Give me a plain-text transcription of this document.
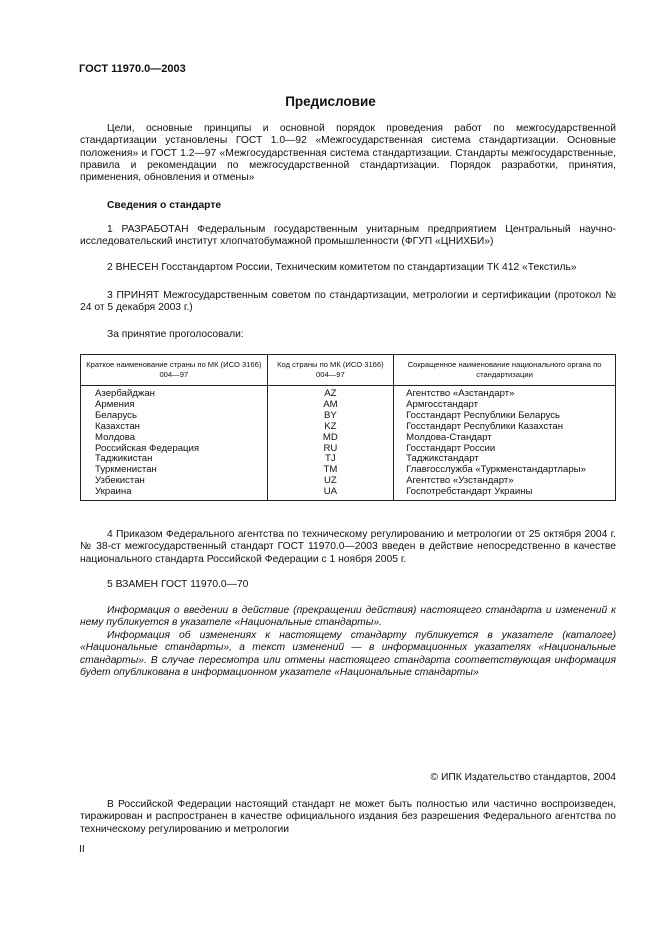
ГОСТ 11970.0—2003
Предисловие
Цели, основные принципы и основной порядок проведения работ по межгосударственной стандартизации установлены ГОСТ 1.0—92 «Межгосударственная система стандартизации. Основные положения» и ГОСТ 1.2—97 «Межгосударственная система стандартизации. Стандарты межгосударственные, правила и рекомендации по межгосударственной стандартизации. Порядок разработки, принятия, применения, обновления и отмены»
Сведения о стандарте
1 РАЗРАБОТАН Федеральным государственным унитарным предприятием Центральный научно-исследовательский институт хлопчатобумажной промышленности (ФГУП «ЦНИХБИ»)
2 ВНЕСЕН Госстандартом России, Техническим комитетом по стандартизации ТК 412 «Текстиль»
3 ПРИНЯТ Межгосударственным советом по стандартизации, метрологии и сертификации (протокол № 24 от 5 декабря 2003 г.)
За принятие проголосовали:
Краткое наименование страны по МК (ИСО 3166) 004—97	Код страны по МК (ИСО 3166) 004—97	Сокращенное наименование национального органа по стандартизации
Азербайджан	AZ	Агентство «Азстандарт»
Армения	AM	Армгосстандарт
Беларусь	BY	Госстандарт Республики Беларусь
Казахстан	KZ	Госстандарт Республики Казахстан
Молдова	MD	Молдова-Стандарт
Российская Федерация	RU	Госстандарт России
Таджикистан	TJ	Таджикстандарт
Туркменистан	TM	Главгосслужба «Туркменстандартлары»
Узбекистан	UZ	Агентство «Узстандарт»
Украина	UA	Госпотребстандарт Украины
4 Приказом Федерального агентства по техническому регулированию и метрологии от 25 октября 2004 г. № 38-ст межгосударственный стандарт ГОСТ 11970.0—2003 введен в действие непосредственно в качестве национального стандарта Российской Федерации с 1 ноября 2005 г.
5 ВЗАМЕН ГОСТ 11970.0—70
Информация о введении в действие (прекращении действия) настоящего стандарта и изменений к нему публикуется в указателе «Национальные стандарты».
Информация об изменениях к настоящему стандарту публикуется в указателе (каталоге) «Национальные стандарты», а текст изменений — в информационных указателях «Национальные стандарты». В случае пересмотра или отмены настоящего стандарта соответствующая информация будет опубликована в информационном указателе «Национальные стандарты»
© ИПК Издательство стандартов, 2004
В Российской Федерации настоящий стандарт не может быть полностью или частично воспроизведен, тиражирован и распространен в качестве официального издания без разрешения Федерального агентства по техническому регулированию и метрологии
II
